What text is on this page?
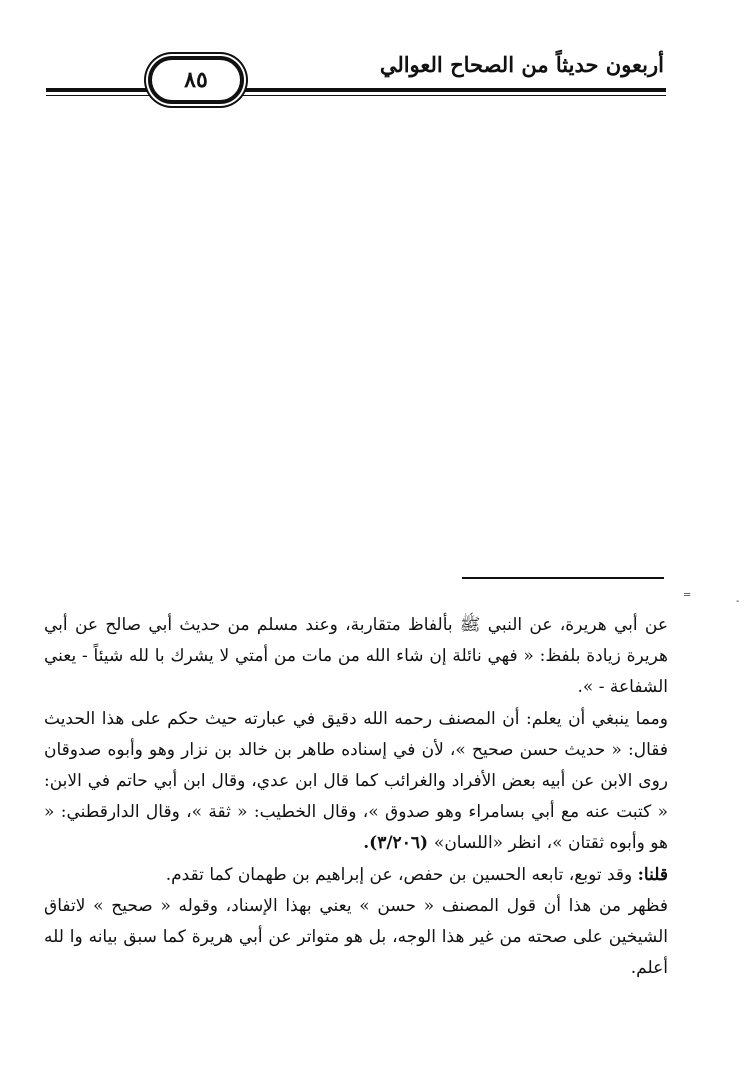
أربعون حديثاً من الصحاح العوالي
٨٥

عن أبي هريرة، عن النبي ﷺ بألفاظ متقاربة، وعند مسلم من حديث أبي صالح عن أبي هريرة زيادة بلفظ: « فهي نائلة إن شاء الله من مات من أمتي لا يشرك با لله شيئاً - يعني الشفاعة - ».

ومما ينبغي أن يعلم: أن المصنف رحمه الله دقيق في عبارته حيث حكم على هذا الحديث فقال: « حديث حسن صحيح »، لأن في إسناده طاهر بن خالد بن نزار وهو وأبوه صدوقان روى الابن عن أبيه بعض الأفراد والغرائب كما قال ابن عدي، وقال ابن أبي حاتم في الابن: « كتبت عنه مع أبي بسامراء وهو صدوق »، وقال الخطيب: « ثقة »، وقال الدارقطني: « هو وأبوه ثقتان »، انظر «اللسان» (٣/٢٠٦).

قلنا: وقد توبع، تابعه الحسين بن حفص، عن إبراهيم بن طهمان كما تقدم.

فظهر من هذا أن قول المصنف « حسن » يعني بهذا الإسناد، وقوله « صحيح » لاتفاق الشيخين على صحته من غير هذا الوجه، بل هو متواتر عن أبي هريرة كما سبق بيانه وا لله أعلم.

-
=
